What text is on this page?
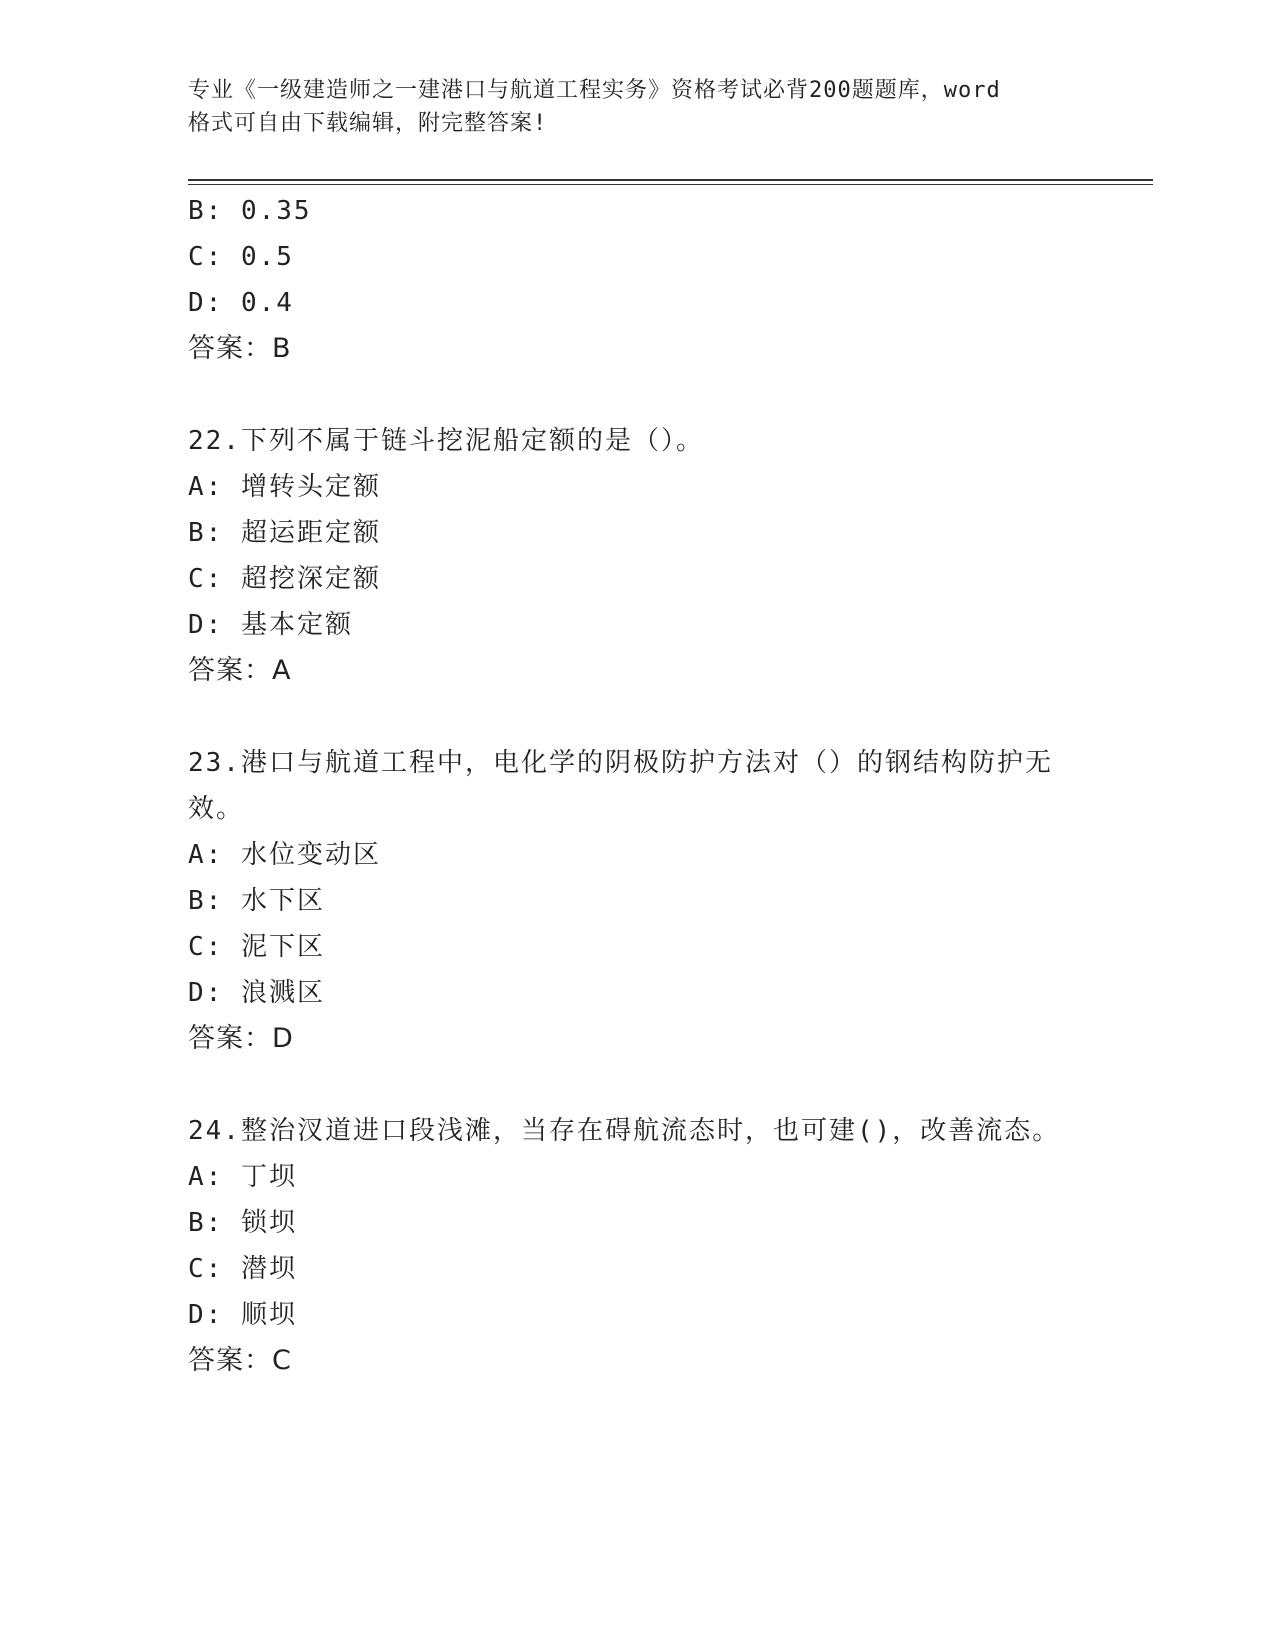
专业《一级建造师之一建港口与航道工程实务》资格考试必背200题题库，word
格式可自由下载编辑，附完整答案!
B: 0.35
C: 0.5
D: 0.4
答案：B
22.下列不属于链斗挖泥船定额的是（）。
A: 增转头定额
B: 超运距定额
C: 超挖深定额
D: 基本定额
答案：A
23.港口与航道工程中，电化学的阴极防护方法对（）的钢结构防护无
效。
A: 水位变动区
B: 水下区
C: 泥下区
D: 浪溅区
答案：D
24.整治汊道进口段浅滩，当存在碍航流态时，也可建()，改善流态。
A: 丁坝
B: 锁坝
C: 潜坝
D: 顺坝
答案：C
